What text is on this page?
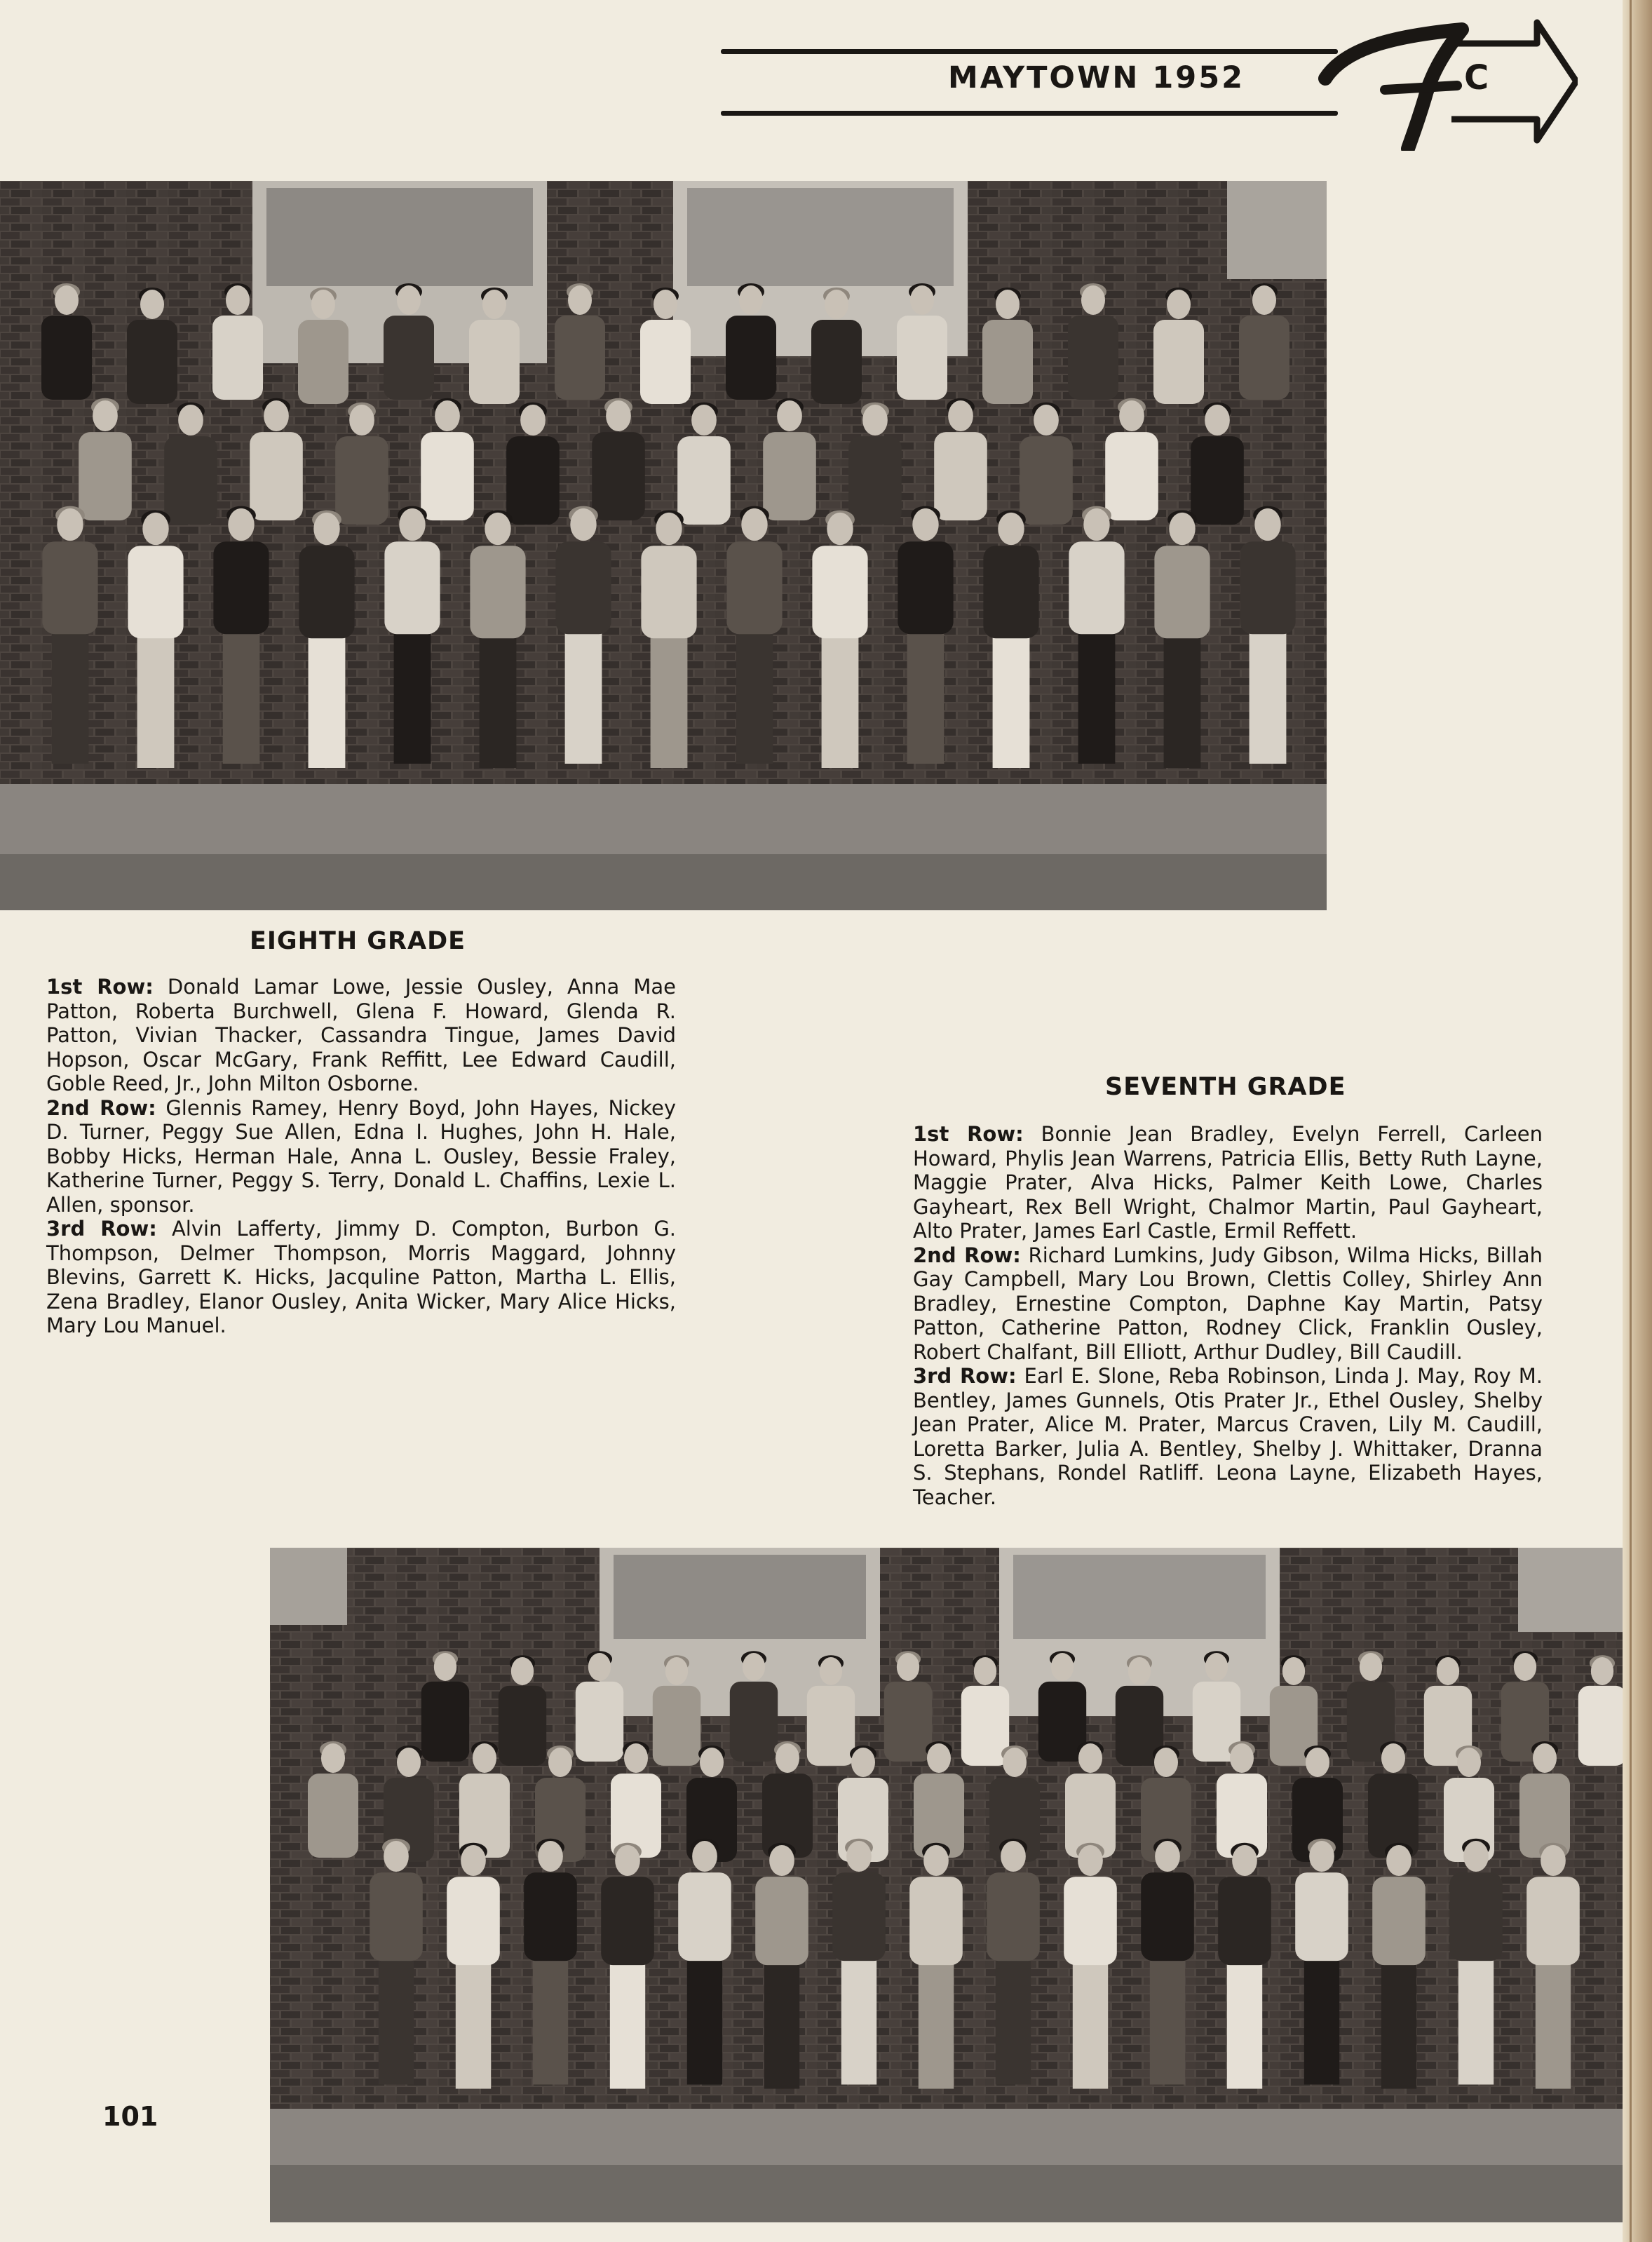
MAYTOWN 1952	C
EIGHTH GRADE

1st Row: Donald Lamar Lowe, Jessie Ousley, Anna Mae Patton, Roberta Burchwell, Glena F. Howard, Glenda R. Patton, Vivian Thacker, Cassandra Tingue, James David Hopson, Oscar McGary, Frank Reffitt, Lee Edward Caudill, Goble Reed, Jr., John Milton Osborne.

2nd Row: Glennis Ramey, Henry Boyd, John Hayes, Nickey D. Turner, Peggy Sue Allen, Edna I. Hughes, John H. Hale, Bobby Hicks, Herman Hale, Anna L. Ousley, Bessie Fraley, Katherine Turner, Peggy S. Terry, Donald L. Chaffins, Lexie L. Allen, sponsor.

3rd Row: Alvin Lafferty, Jimmy D. Compton, Burbon G. Thompson, Delmer Thompson, Morris Maggard, Johnny Blevins, Garrett K. Hicks, Jacquline Patton, Martha L. Ellis, Zena Bradley, Elanor Ousley, Anita Wicker, Mary Alice Hicks, Mary Lou Manuel.

SEVENTH GRADE

1st Row: Bonnie Jean Bradley, Evelyn Ferrell, Carleen Howard, Phylis Jean Warrens, Patricia Ellis, Betty Ruth Layne, Maggie Prater, Alva Hicks, Palmer Keith Lowe, Charles Gayheart, Rex Bell Wright, Chalmor Martin, Paul Gayheart, Alto Prater, James Earl Castle, Ermil Reffett.

2nd Row: Richard Lumkins, Judy Gibson, Wilma Hicks, Billah Gay Campbell, Mary Lou Brown, Clettis Colley, Shirley Ann Bradley, Ernestine Compton, Daphne Kay Martin, Patsy Patton, Catherine Patton, Rodney Click, Franklin Ousley, Robert Chalfant, Bill Elliott, Arthur Dudley, Bill Caudill.

3rd Row: Earl E. Slone, Reba Robinson, Linda J. May, Roy M. Bentley, James Gunnels, Otis Prater Jr., Ethel Ousley, Shelby Jean Prater, Alice M. Prater, Marcus Craven, Lily M. Caudill, Loretta Barker, Julia A. Bentley, Shelby J. Whittaker, Dranna S. Stephans, Rondel Ratliff. Leona Layne, Elizabeth Hayes, Teacher.

101
